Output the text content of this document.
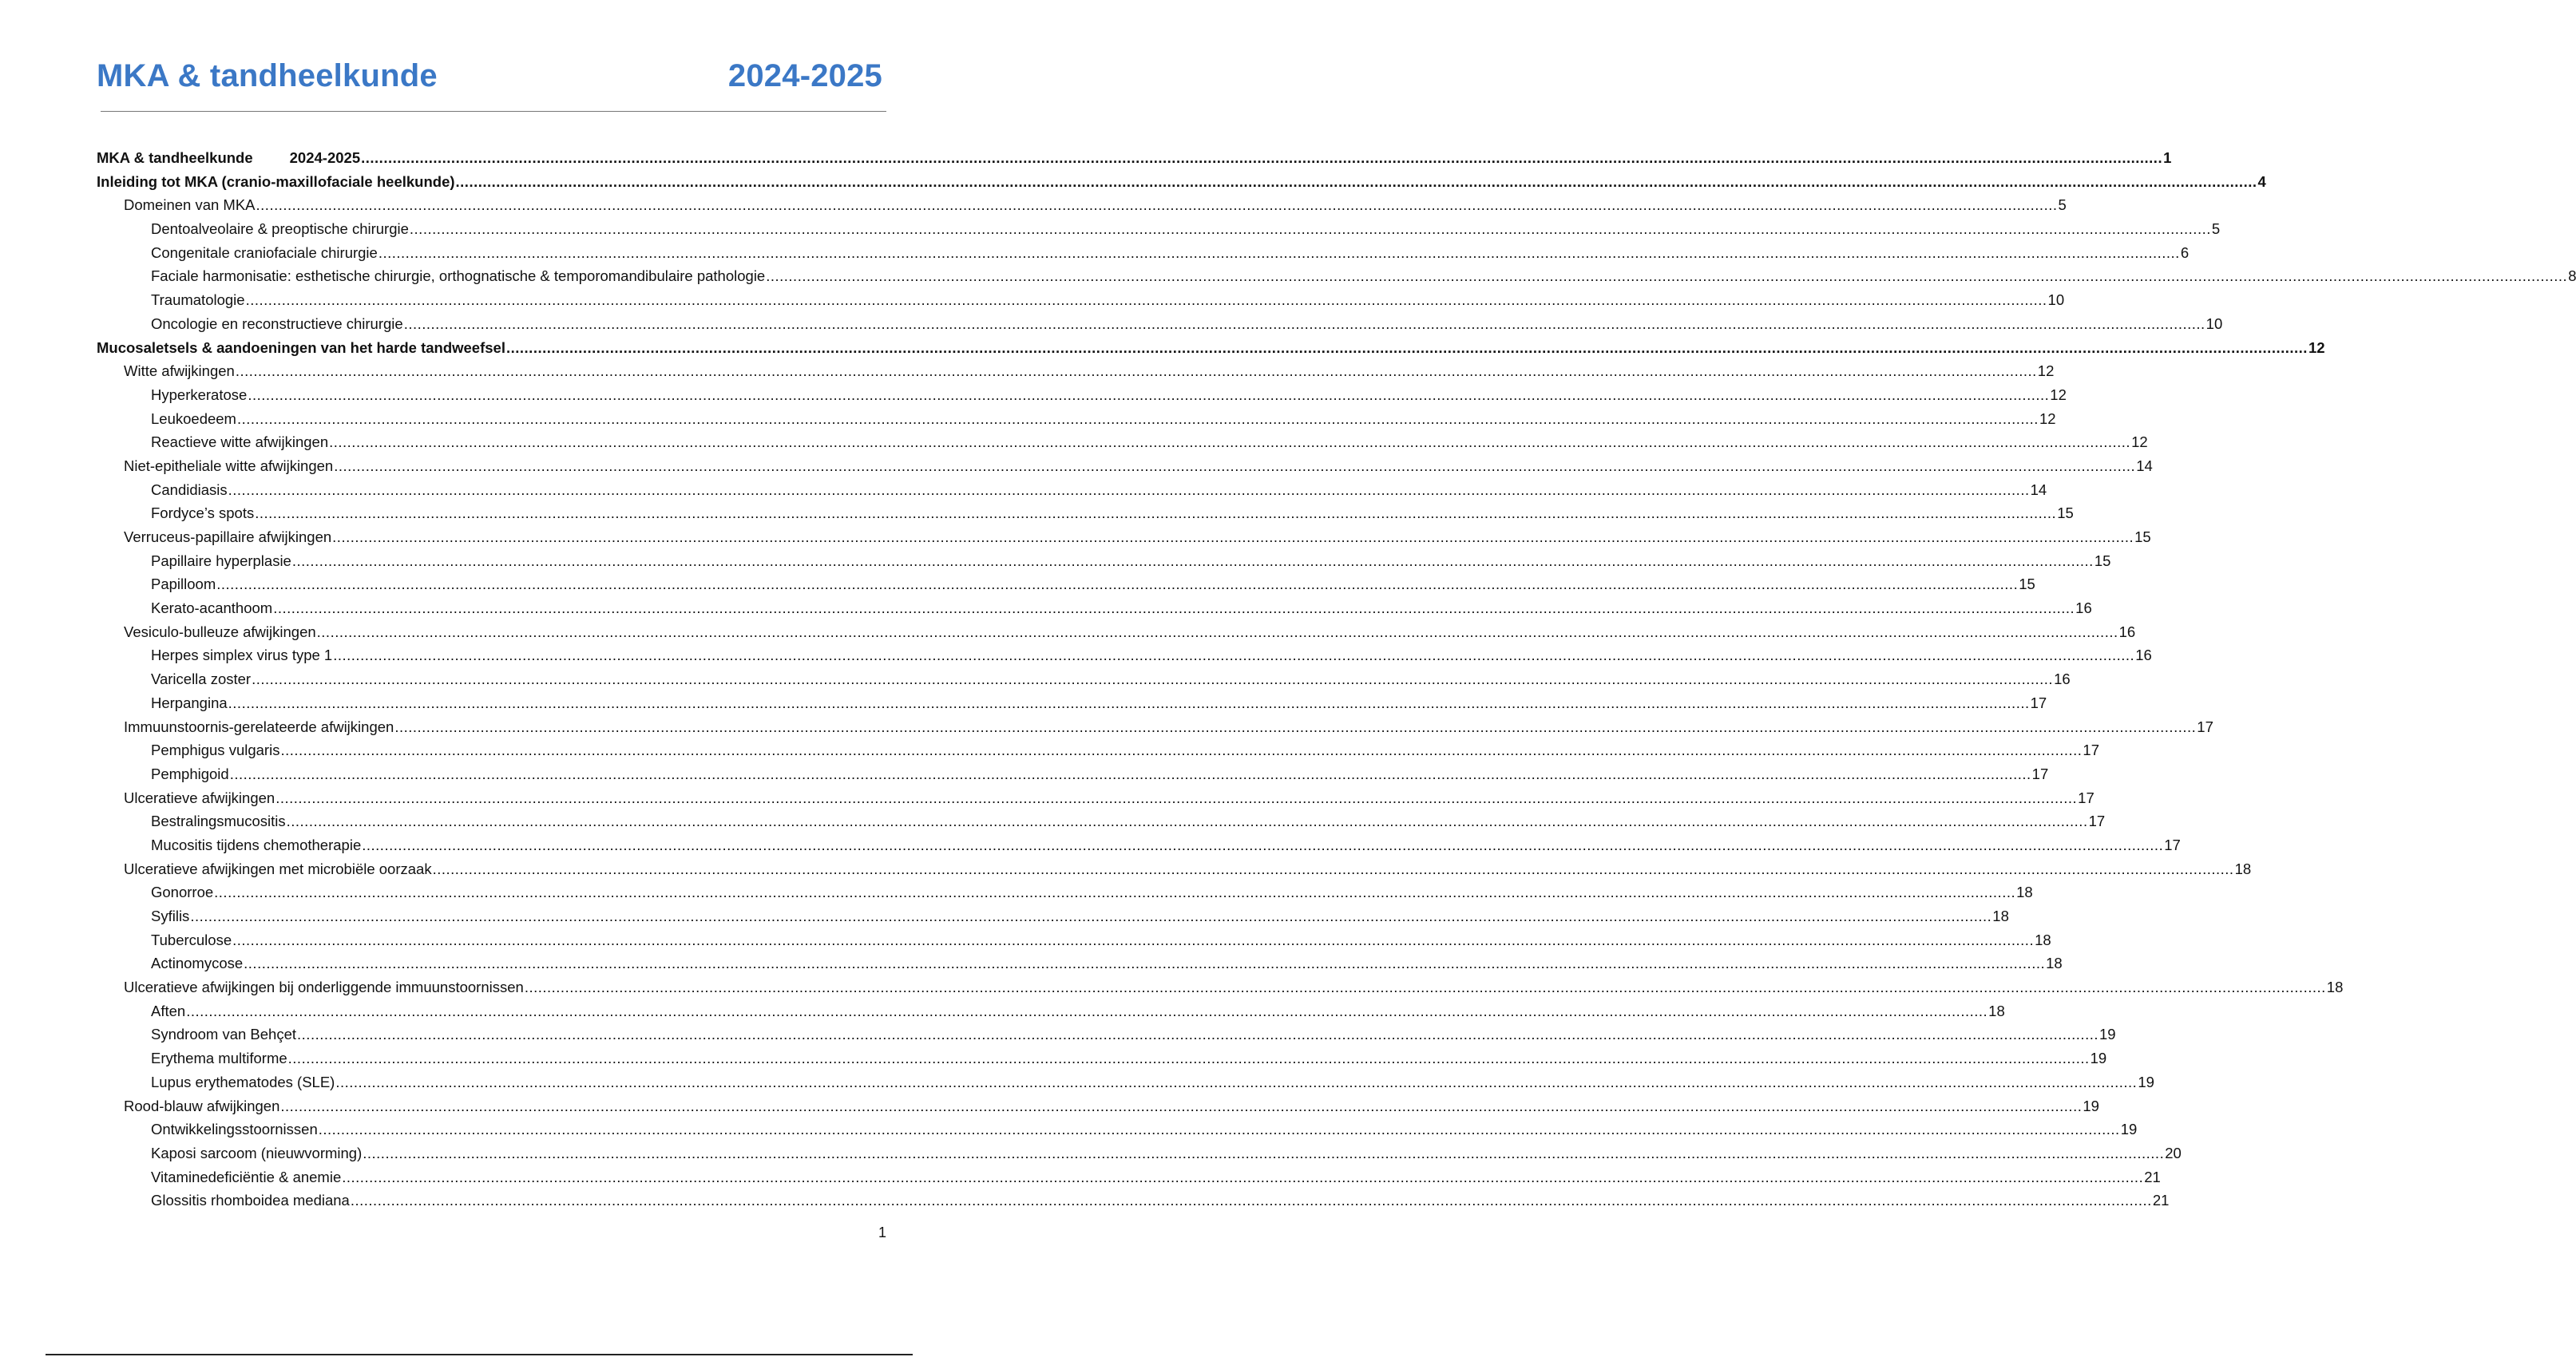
MKA & tandheelkunde	2024-2025
MKA & tandheelkunde 2024-2025 ................................................................................................................................................................................................................................................................................................................................................................................................................ 1
Inleiding tot MKA (cranio-maxillofaciale heelkunde) ................................................................................................................................................................................................................................................................................................................................................................................................................ 4
Domeinen van MKA ................................................................................................................................................................................................................................................................................................................................................................................................................ 5
Dentoalveolaire & preoptische chirurgie ................................................................................................................................................................................................................................................................................................................................................................................................................ 5
Congenitale craniofaciale chirurgie ................................................................................................................................................................................................................................................................................................................................................................................................................ 6
Faciale harmonisatie: esthetische chirurgie, orthognatische & temporomandibulaire pathologie ................................................................................................................................................................................................................................................................................................................................................................................................................ 8
Traumatologie ................................................................................................................................................................................................................................................................................................................................................................................................................ 10
Oncologie en reconstructieve chirurgie ................................................................................................................................................................................................................................................................................................................................................................................................................ 10
Mucosaletsels & aandoeningen van het harde tandweefsel ................................................................................................................................................................................................................................................................................................................................................................................................................ 12
Witte afwijkingen ................................................................................................................................................................................................................................................................................................................................................................................................................ 12
Hyperkeratose ................................................................................................................................................................................................................................................................................................................................................................................................................ 12
Leukoedeem ................................................................................................................................................................................................................................................................................................................................................................................................................ 12
Reactieve witte afwijkingen ................................................................................................................................................................................................................................................................................................................................................................................................................ 12
Niet-epitheliale witte afwijkingen ................................................................................................................................................................................................................................................................................................................................................................................................................ 14
Candidiasis ................................................................................................................................................................................................................................................................................................................................................................................................................ 14
Fordyce’s spots ................................................................................................................................................................................................................................................................................................................................................................................................................ 15
Verruceus-papillaire afwijkingen ................................................................................................................................................................................................................................................................................................................................................................................................................ 15
Papillaire hyperplasie ................................................................................................................................................................................................................................................................................................................................................................................................................ 15
Papilloom ................................................................................................................................................................................................................................................................................................................................................................................................................ 15
Kerato-acanthoom ................................................................................................................................................................................................................................................................................................................................................................................................................ 16
Vesiculo-bulleuze afwijkingen ................................................................................................................................................................................................................................................................................................................................................................................................................ 16
Herpes simplex virus type 1 ................................................................................................................................................................................................................................................................................................................................................................................................................ 16
Varicella zoster ................................................................................................................................................................................................................................................................................................................................................................................................................ 16
Herpangina ................................................................................................................................................................................................................................................................................................................................................................................................................ 17
Immuunstoornis-gerelateerde afwijkingen ................................................................................................................................................................................................................................................................................................................................................................................................................ 17
Pemphigus vulgaris ................................................................................................................................................................................................................................................................................................................................................................................................................ 17
Pemphigoid ................................................................................................................................................................................................................................................................................................................................................................................................................ 17
Ulceratieve afwijkingen ................................................................................................................................................................................................................................................................................................................................................................................................................ 17
Bestralingsmucositis ................................................................................................................................................................................................................................................................................................................................................................................................................ 17
Mucositis tijdens chemotherapie ................................................................................................................................................................................................................................................................................................................................................................................................................ 17
Ulceratieve afwijkingen met microbiële oorzaak ................................................................................................................................................................................................................................................................................................................................................................................................................ 18
Gonorroe ................................................................................................................................................................................................................................................................................................................................................................................................................ 18
Syfilis ................................................................................................................................................................................................................................................................................................................................................................................................................ 18
Tuberculose ................................................................................................................................................................................................................................................................................................................................................................................................................ 18
Actinomycose ................................................................................................................................................................................................................................................................................................................................................................................................................ 18
Ulceratieve afwijkingen bij onderliggende immuunstoornissen ................................................................................................................................................................................................................................................................................................................................................................................................................ 18
Aften ................................................................................................................................................................................................................................................................................................................................................................................................................ 18
Syndroom van Behçet ................................................................................................................................................................................................................................................................................................................................................................................................................ 19
Erythema multiforme ................................................................................................................................................................................................................................................................................................................................................................................................................ 19
Lupus erythematodes (SLE) ................................................................................................................................................................................................................................................................................................................................................................................................................ 19
Rood-blauw afwijkingen ................................................................................................................................................................................................................................................................................................................................................................................................................ 19
Ontwikkelingsstoornissen ................................................................................................................................................................................................................................................................................................................................................................................................................ 19
Kaposi sarcoom (nieuwvorming) ................................................................................................................................................................................................................................................................................................................................................................................................................ 20
Vitaminedeficiëntie & anemie ................................................................................................................................................................................................................................................................................................................................................................................................................ 21
Glossitis rhomboidea mediana ................................................................................................................................................................................................................................................................................................................................................................................................................ 21
1
